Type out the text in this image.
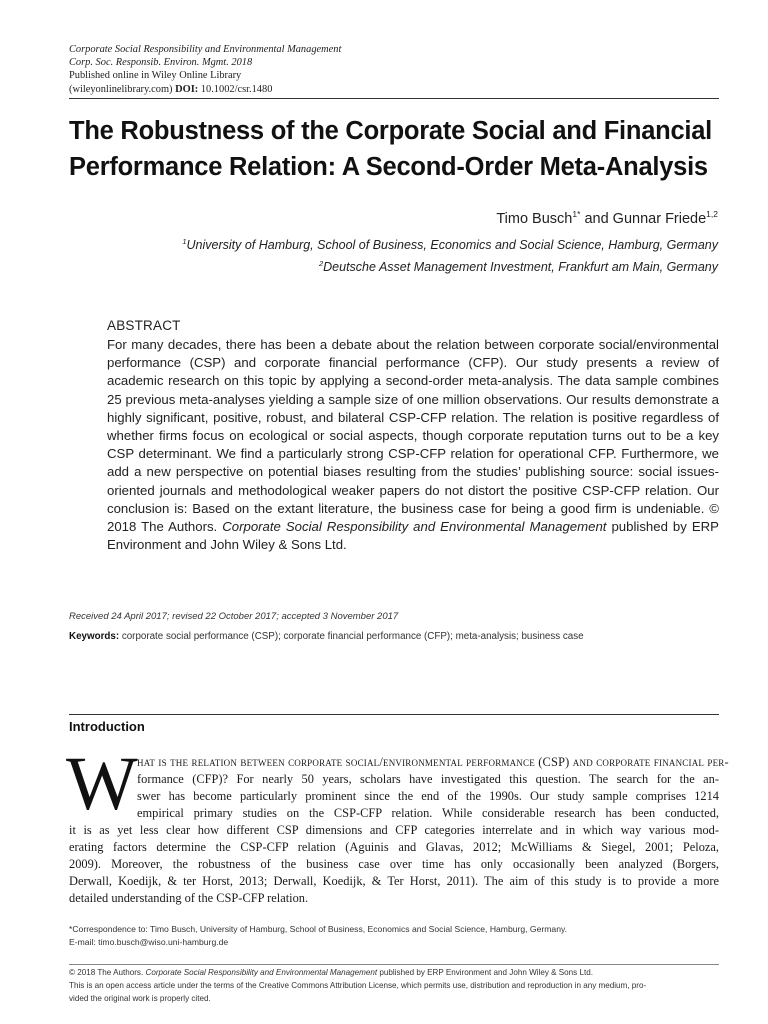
Corporate Social Responsibility and Environmental Management
Corp. Soc. Responsib. Environ. Mgmt. 2018
Published online in Wiley Online Library
(wileyonlinelibrary.com) DOI: 10.1002/csr.1480
The Robustness of the Corporate Social and Financial
Performance Relation: A Second-Order Meta-Analysis
Timo Busch$^{1*}$ and Gunnar Friede$^{1,2}$
$^1$University of Hamburg, School of Business, Economics and Social Science, Hamburg, Germany
$^2$Deutsche Asset Management Investment, Frankfurt am Main, Germany
ABSTRACT

For many decades, there has been a debate about the relation between corporate social/environmental performance (CSP) and corporate financial performance (CFP). Our study presents a review of academic research on this topic by applying a second-order meta-analysis. The data sample combines 25 previous meta-analyses yielding a sample size of one million observations. Our results demonstrate a highly significant, positive, robust, and bilateral CSP-CFP relation. The relation is positive regardless of whether firms focus on ecological or social aspects, though corporate reputation turns out to be a key CSP determinant. We find a particularly strong CSP-CFP relation for operational CFP. Furthermore, we add a new perspective on potential biases resulting from the studies’ publishing source: social issues-oriented journals and methodological weaker papers do not distort the positive CSP-CFP relation. Our conclusion is: Based on the extant literature, the business case for being a good firm is undeniable. © 2018 The Authors. Corporate Social Responsibility and Environmental Management published by ERP Environment and John Wiley & Sons Ltd.

Received 24 April 2017; revised 22 October 2017; accepted 3 November 2017
Keywords: corporate social performance (CSP); corporate financial performance (CFP); meta-analysis; business case
Introduction
W hat is the relation between corporate social/environmental performance (CSP) and corporate financial per-
formance (CFP)? For nearly 50 years, scholars have investigated this question. The search for the an-
swer has become particularly prominent since the end of the 1990s. Our study sample comprises 1214
empirical primary studies on the CSP-CFP relation. While considerable research has been conducted,
it is as yet less clear how different CSP dimensions and CFP categories interrelate and in which way various mod-
erating factors determine the CSP-CFP relation (Aguinis and Glavas, 2012; McWilliams & Siegel, 2001; Peloza,
2009). Moreover, the robustness of the business case over time has only occasionally been analyzed (Borgers,
Derwall, Koedijk, & ter Horst, 2013; Derwall, Koedijk, & Ter Horst, 2011). The aim of this study is to provide a more
detailed understanding of the CSP-CFP relation.
*Correspondence to: Timo Busch, University of Hamburg, School of Business, Economics and Social Science, Hamburg, Germany.
E-mail: timo.busch@wiso.uni-hamburg.de
© 2018 The Authors. Corporate Social Responsibility and Environmental Management published by ERP Environment and John Wiley & Sons Ltd.
This is an open access article under the terms of the Creative Commons Attribution License, which permits use, distribution and reproduction in any medium, pro-
vided the original work is properly cited.
